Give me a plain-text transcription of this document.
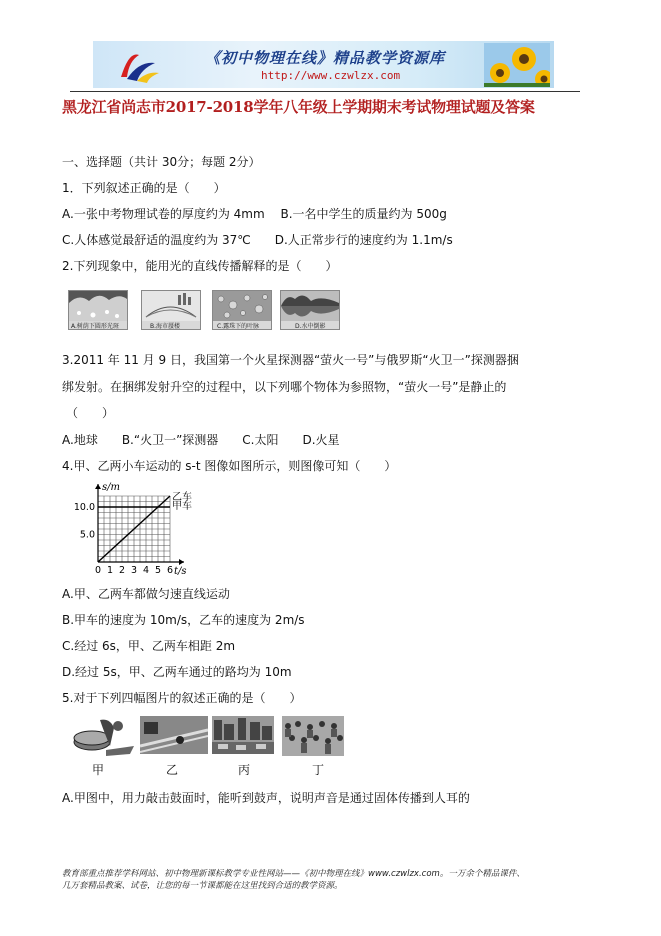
《初中物理在线》精品教学资源库
http://www.czwlzx.com
黑龙江省尚志市2017-2018学年八年级上学期期末考试物理试题及答案
一、选择题（共计 30分；每题 2分）
1．下列叙述正确的是（　　）
A.一张中考物理试卷的厚度约为 4mm　 B.一名中学生的质量约为 500g
C.人体感觉最舒适的温度约为 37℃　　D.人正常步行的速度约为 1.1m/s
2.下列现象中，能用光的直线传播解释的是（　　）
A.树荫下圆形光斑	B.海市蜃楼	C.露珠下的叶脉	D.水中倒影
3.2011 年 11 月 9 日，我国第一个火星探测器“萤火一号”与俄罗斯“火卫一”探测器捆
绑发射。在捆绑发射升空的过程中，以下列哪个物体为参照物，“萤火一号”是静止的
（　　）
A.地球　　B.“火卫一”探测器　　C.太阳　　D.火星
4.甲、乙两小车运动的 s-t 图像如图所示，则图像可知（　　）
乙车
甲车
0 1 2 3 4 5 6
5.0
10.0
s/m
t/s
A.甲、乙两车都做匀速直线运动
B.甲车的速度为 10m/s，乙车的速度为 2m/s
C.经过 6s，甲、乙两车相距 2m
D.经过 5s，甲、乙两车通过的路均为 10m
5.对于下列四幅图片的叙述正确的是（　　）
甲	乙	丙	丁
A.甲图中，用力敲击鼓面时，能听到鼓声，说明声音是通过固体传播到人耳的
教育部重点推荐学科网站、初中物理新课标教学专业性网站——《初中物理在线》www.czwlzx.com。一万余个精品课件、
几万套精品教案、试卷，让您的每一节课都能在这里找到合适的教学资源。
